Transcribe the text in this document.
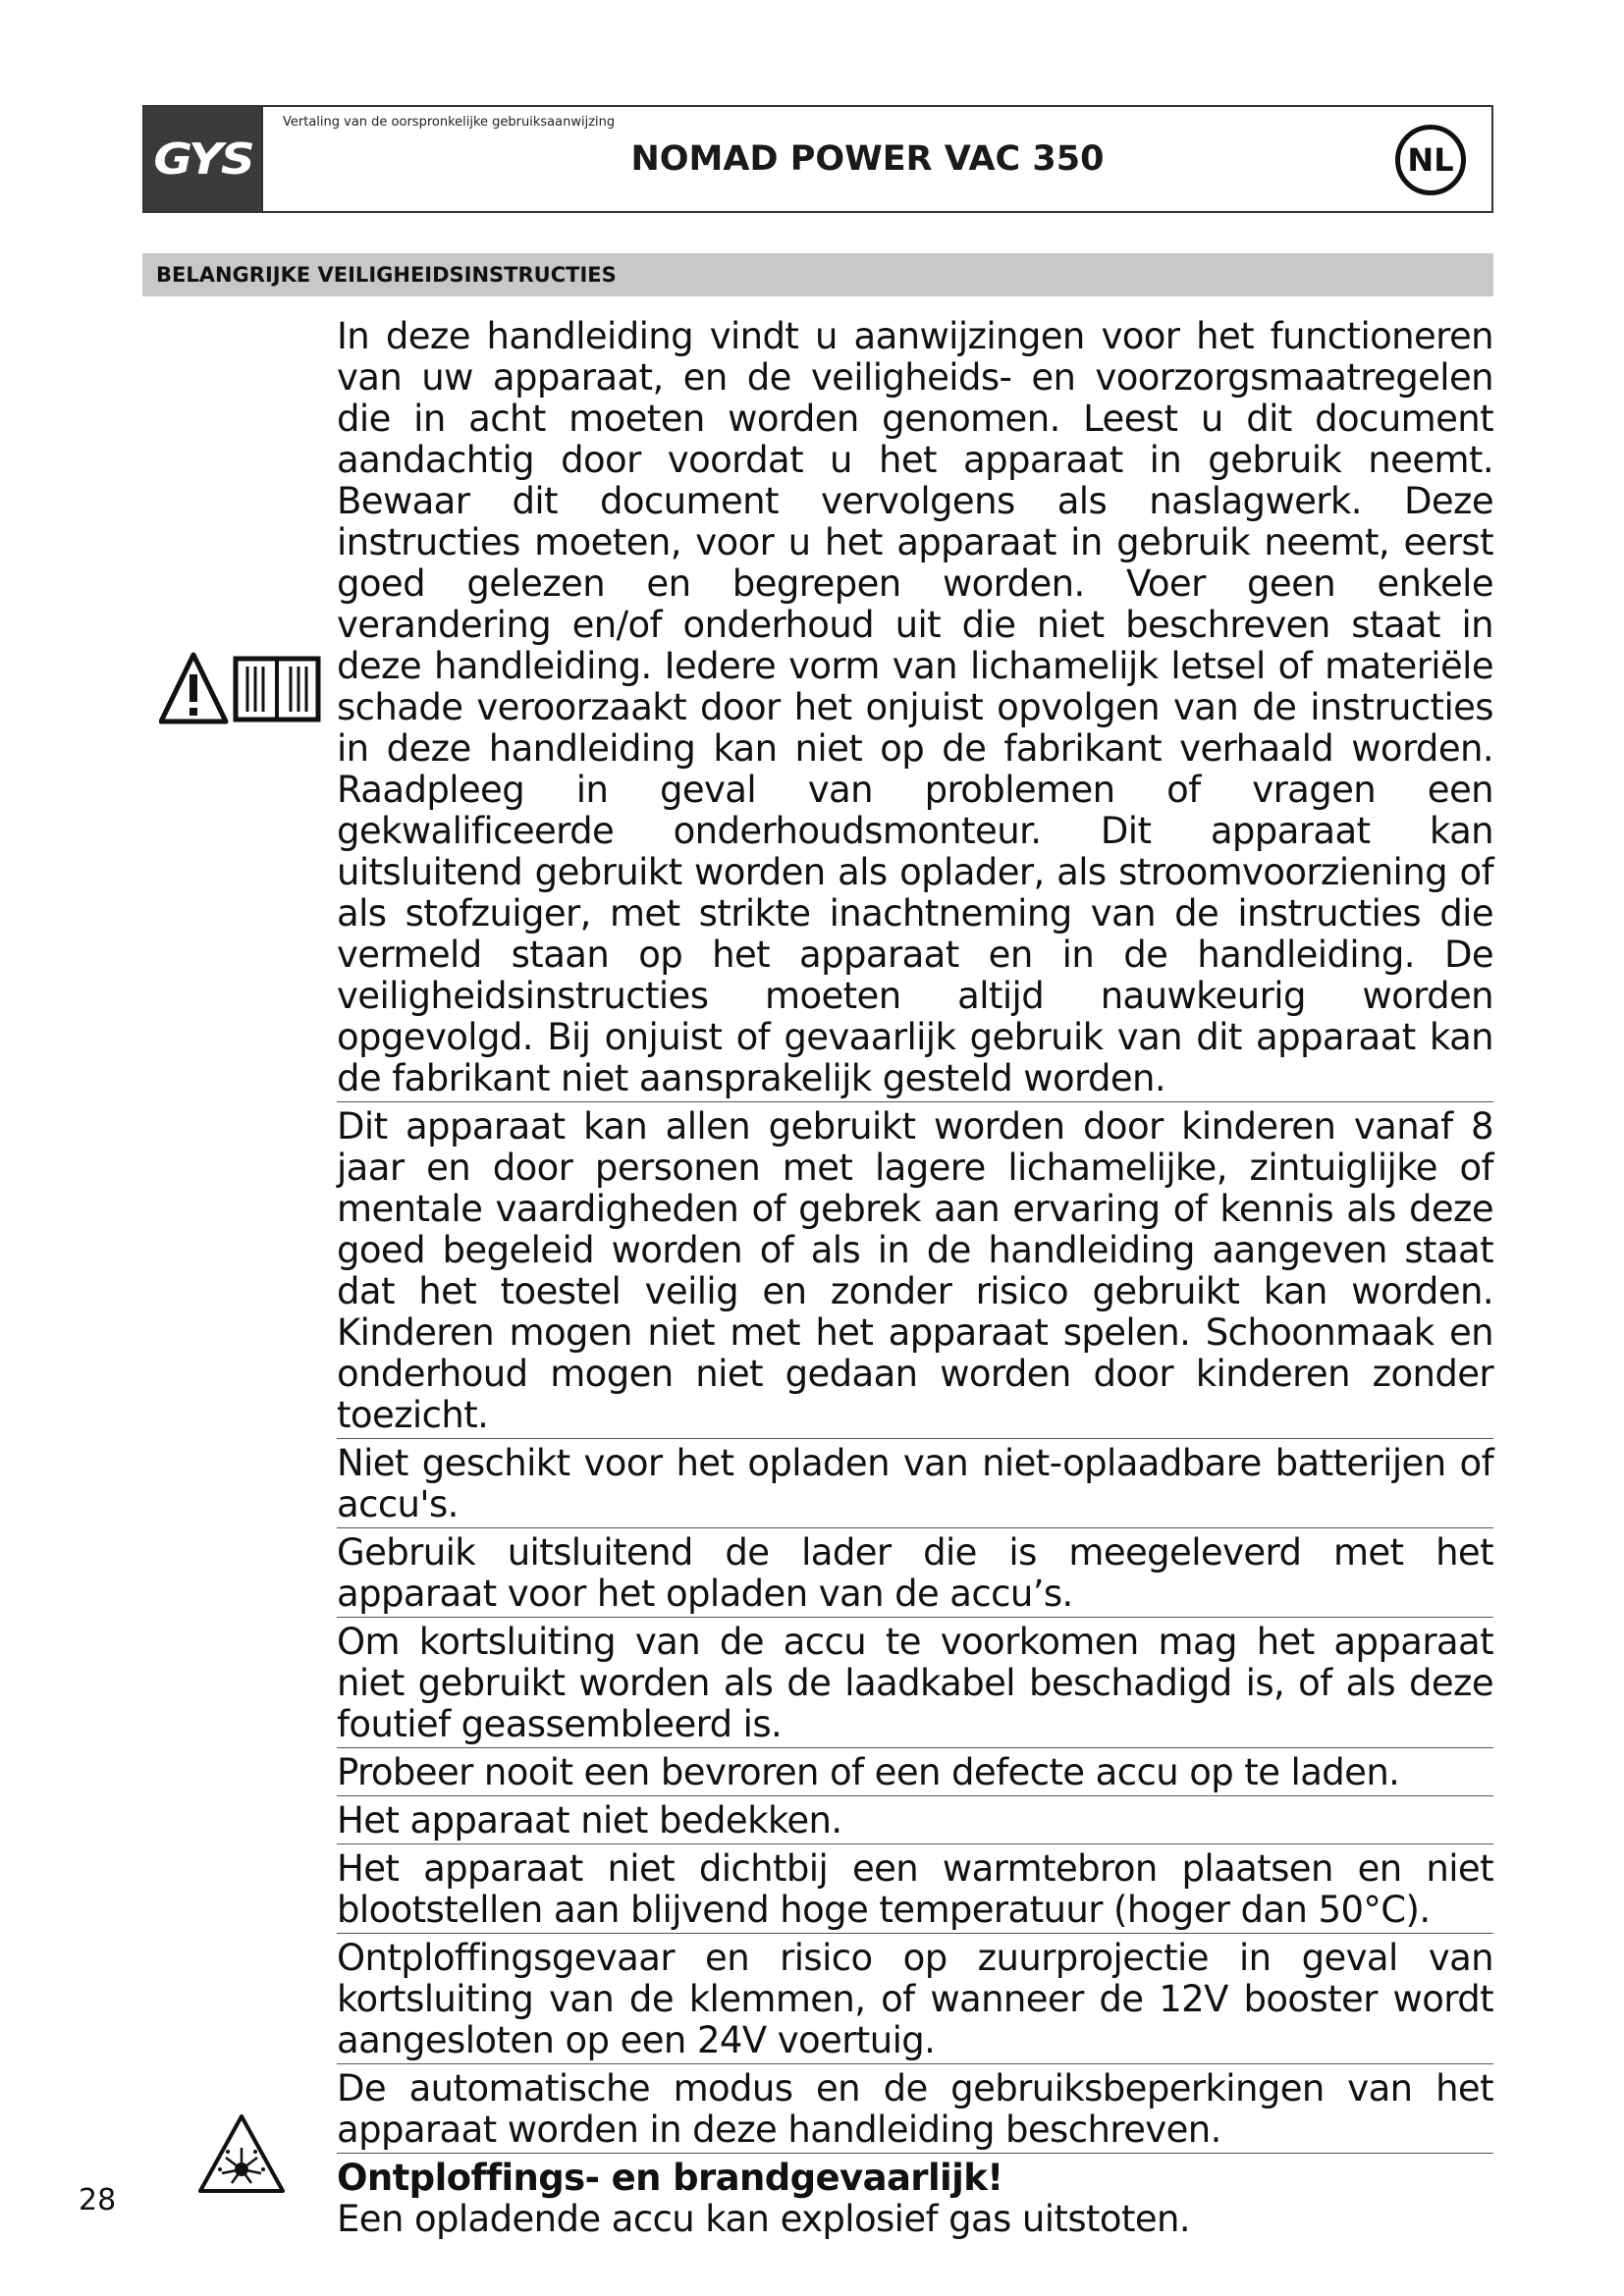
GYS
Vertaling van de oorspronkelijke gebruiksaanwijzing
NOMAD POWER VAC 350	NL
BELANGRIJKE VEILIGHEIDSINSTRUCTIES
In deze handleiding vindt u aanwijzingen voor het functioneren van uw apparaat, en de veiligheids- en voorzorgsmaatregelen die in acht moeten worden genomen. Leest u dit document aandachtig door voordat u het apparaat in gebruik neemt. Bewaar dit document vervolgens als naslagwerk. Deze instructies moeten, voor u het apparaat in gebruik neemt, eerst goed gelezen en begrepen worden. Voer geen enkele verandering en/of onderhoud uit die niet beschreven staat in deze handleiding. Iedere vorm van lichamelijk letsel of materiële schade veroorzaakt door het onjuist opvolgen van de instructies in deze handleiding kan niet op de fabrikant verhaald worden. Raadpleeg in geval van problemen of vragen een gekwalificeerde onderhoudsmonteur. Dit apparaat kan uitsluitend gebruikt worden als oplader, als stroomvoorziening of als stofzuiger, met strikte inachtneming van de instructies die vermeld staan op het apparaat en in de handleiding. De veiligheidsinstructies moeten altijd nauwkeurig worden opgevolgd. Bij onjuist of gevaarlijk gebruik van dit apparaat kan de fabrikant niet aansprakelijk gesteld worden.
Dit apparaat kan allen gebruikt worden door kinderen vanaf 8 jaar en door personen met lagere lichamelijke, zintuiglijke of mentale vaardigheden of gebrek aan ervaring of kennis als deze goed begeleid worden of als in de handleiding aangeven staat dat het toestel veilig en zonder risico gebruikt kan worden. Kinderen mogen niet met het apparaat spelen. Schoonmaak en onderhoud mogen niet gedaan worden door kinderen zonder toezicht.
Niet geschikt voor het opladen van niet-oplaadbare batterijen of accu's.
Gebruik uitsluitend de lader die is meegeleverd met het apparaat voor het opladen van de accu’s.
Om kortsluiting van de accu te voorkomen mag het apparaat niet gebruikt worden als de laadkabel beschadigd is, of als deze foutief geassembleerd is.
Probeer nooit een bevroren of een defecte accu op te laden.
Het apparaat niet bedekken.
Het apparaat niet dichtbij een warmtebron plaatsen en niet blootstellen aan blijvend hoge temperatuur (hoger dan 50°C).
Ontploffingsgevaar en risico op zuurprojectie in geval van kortsluiting van de klemmen, of wanneer de 12V booster wordt aangesloten op een 24V voertuig.
De automatische modus en de gebruiksbeperkingen van het apparaat worden in deze handleiding beschreven.
Ontploffings- en brandgevaarlijk!
Een opladende accu kan explosief gas uitstoten.
28
